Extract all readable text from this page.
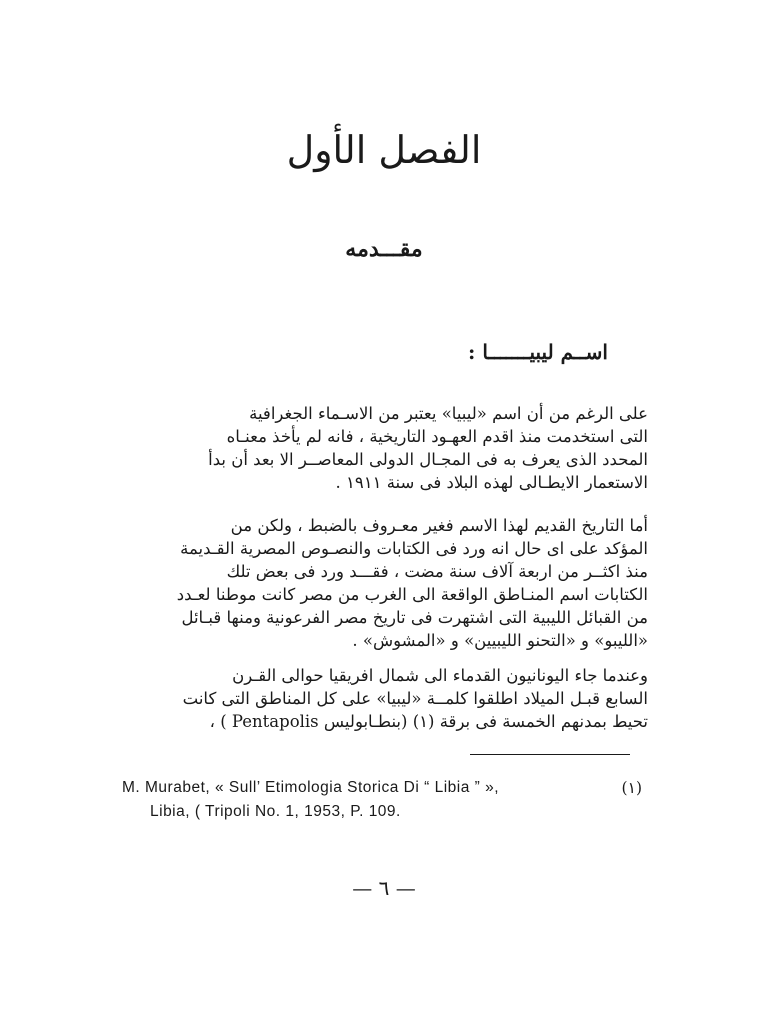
الفصل الأول
مقـــدمه
اســم ليبيـــــــا :
على الرغم من أن اسم «ليبيا» يعتبر من الاسـماء الجغرافية
التى استخدمت منذ اقدم العهـود التاريخية ، فانه لم يأخذ معنـاه
المحدد الذى يعرف به فى المجـال الدولى المعاصــر الا بعد أن بدأ
الاستعمار الايطـالى لهذه البلاد فى سنة ١٩١١ .
أما التاريخ القديم لهذا الاسم فغير معـروف بالضبط ، ولكن من
المؤكد على اى حال انه ورد فى الكتابات والنصـوص المصرية القـديمة
منذ اكثــر من اربعة آلاف سنة مضت ، فقـــد ورد فى بعض تلك
الكتابات اسم المنـاطق الواقعة الى الغرب من مصر كانت موطنا لعـدد
من القبائل الليبية التى اشتهرت فى تاريخ مصر الفرعونية ومنها قبـائل
«الليبو» و «التحنو الليبيين» و «المشوش» .
وعندما جاء اليونانيون القدماء الى شمال افريقيا حوالى القـرن
السابع قبـل الميلاد اطلقوا كلمــة «ليبيا» على كل المناطق التى كانت
تحيط بمدنهم الخمسة فى برقة (١) (بنطـابوليس Pentapolis ) ،
M. Murabet, « Sull’ Etimologia Storica Di “ Libia ” »,	(١)
Libia, ( Tripoli No. 1, 1953, P. 109.
— ٦ —
